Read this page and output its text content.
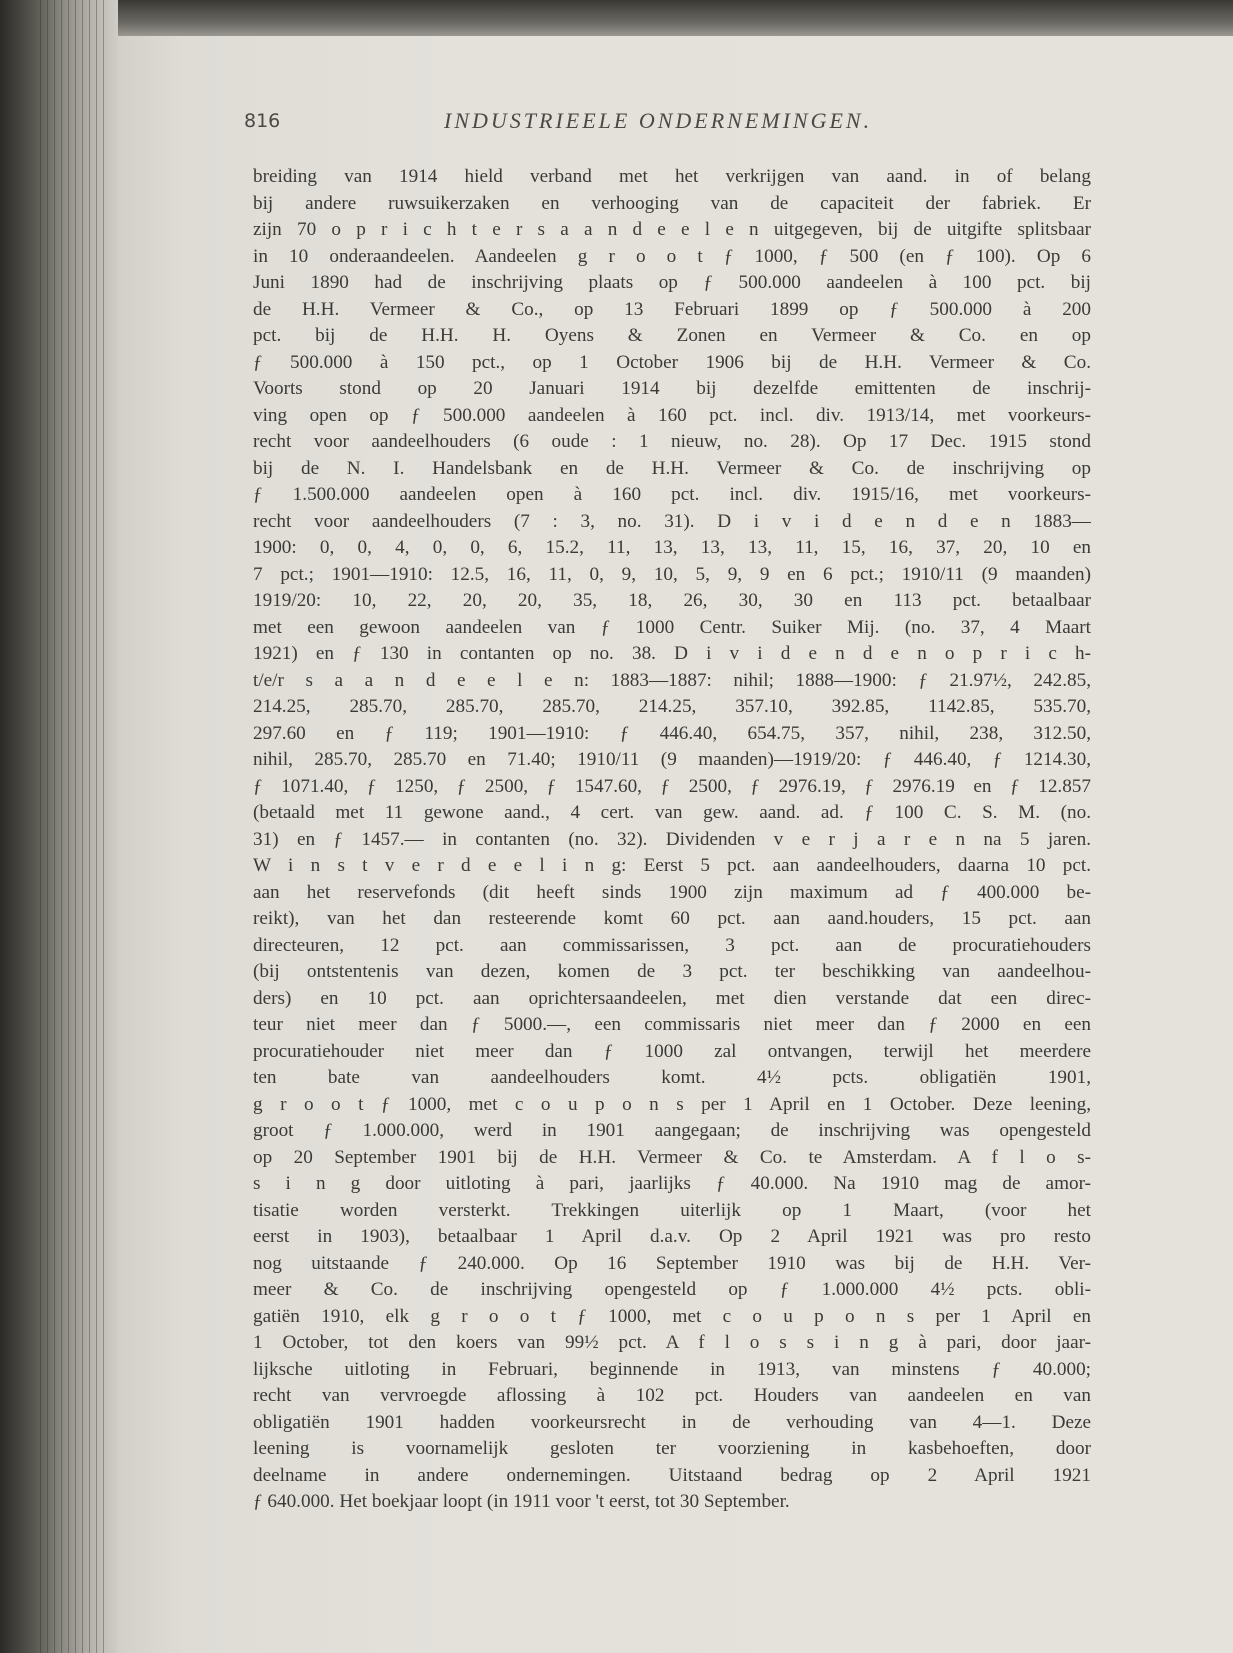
816	INDUSTRIEELE ONDERNEMINGEN.
breiding van 1914 hield verband met het verkrijgen van aand. in of belang
bij andere ruwsuikerzaken en verhooging van de capaciteit der fabriek. Er
zijn 70 o p r i c h t e r s a a n d e e l e n uitgegeven, bij de uitgifte splitsbaar
in 10 onderaandeelen. Aandeelen g r o o t ƒ 1000, ƒ 500 (en ƒ 100). Op 6
Juni 1890 had de inschrijving plaats op ƒ 500.000 aandeelen à 100 pct. bij
de H.H. Vermeer & Co., op 13 Februari 1899 op ƒ 500.000 à 200
pct. bij de H.H. H. Oyens & Zonen en Vermeer & Co. en op
ƒ 500.000 à 150 pct., op 1 October 1906 bij de H.H. Vermeer & Co.
Voorts stond op 20 Januari 1914 bij dezelfde emittenten de inschrij-
ving open op ƒ 500.000 aandeelen à 160 pct. incl. div. 1913/14, met voorkeurs-
recht voor aandeelhouders (6 oude : 1 nieuw, no. 28). Op 17 Dec. 1915 stond
bij de N. I. Handelsbank en de H.H. Vermeer & Co. de inschrijving op
ƒ 1.500.000 aandeelen open à 160 pct. incl. div. 1915/16, met voorkeurs-
recht voor aandeelhouders (7 : 3, no. 31). D i v i d e n d e n 1883—
1900: 0, 0, 4, 0, 0, 6, 15.2, 11, 13, 13, 13, 11, 15, 16, 37, 20, 10 en
7 pct.; 1901—1910: 12.5, 16, 11, 0, 9, 10, 5, 9, 9 en 6 pct.; 1910/11 (9 maanden)
1919/20: 10, 22, 20, 20, 35, 18, 26, 30, 30 en 113 pct. betaalbaar
met een gewoon aandeelen van ƒ 1000 Centr. Suiker Mij. (no. 37, 4 Maart
1921) en ƒ 130 in contanten op no. 38. D i v i d e n d e n o p r i c h-
t/e/r s a a n d e e l e n: 1883—1887: nihil; 1888—1900: ƒ 21.97½, 242.85,
214.25, 285.70, 285.70, 285.70, 214.25, 357.10, 392.85, 1142.85, 535.70,
297.60 en ƒ 119; 1901—1910: ƒ 446.40, 654.75, 357, nihil, 238, 312.50,
nihil, 285.70, 285.70 en 71.40; 1910/11 (9 maanden)—1919/20: ƒ 446.40, ƒ 1214.30,
ƒ 1071.40, ƒ 1250, ƒ 2500, ƒ 1547.60, ƒ 2500, ƒ 2976.19, ƒ 2976.19 en ƒ 12.857
(betaald met 11 gewone aand., 4 cert. van gew. aand. ad. ƒ 100 C. S. M. (no.
31) en ƒ 1457.— in contanten (no. 32). Dividenden v e r j a r e n na 5 jaren.
W i n s t v e r d e e l i n g: Eerst 5 pct. aan aandeelhouders, daarna 10 pct.
aan het reservefonds (dit heeft sinds 1900 zijn maximum ad ƒ 400.000 be-
reikt), van het dan resteerende komt 60 pct. aan aand.houders, 15 pct. aan
directeuren, 12 pct. aan commissarissen, 3 pct. aan de procuratiehouders
(bij ontstentenis van dezen, komen de 3 pct. ter beschikking van aandeelhou-
ders) en 10 pct. aan oprichtersaandeelen, met dien verstande dat een direc-
teur niet meer dan ƒ 5000.—, een commissaris niet meer dan ƒ 2000 en een
procuratiehouder niet meer dan ƒ 1000 zal ontvangen, terwijl het meerdere
ten bate van aandeelhouders komt. 4½ pcts. obligatiën 1901,
g r o o t ƒ 1000, met c o u p o n s per 1 April en 1 October. Deze leening,
groot ƒ 1.000.000, werd in 1901 aangegaan; de inschrijving was opengesteld
op 20 September 1901 bij de H.H. Vermeer & Co. te Amsterdam. A f l o s-
s i n g door uitloting à pari, jaarlijks ƒ 40.000. Na 1910 mag de amor-
tisatie worden versterkt. Trekkingen uiterlijk op 1 Maart, (voor het
eerst in 1903), betaalbaar 1 April d.a.v. Op 2 April 1921 was pro resto
nog uitstaande ƒ 240.000. Op 16 September 1910 was bij de H.H. Ver-
meer & Co. de inschrijving opengesteld op ƒ 1.000.000 4½ pcts. obli-
gatiën 1910, elk g r o o t ƒ 1000, met c o u p o n s per 1 April en
1 October, tot den koers van 99½ pct. A f l o s s i n g à pari, door jaar-
lijksche uitloting in Februari, beginnende in 1913, van minstens ƒ 40.000;
recht van vervroegde aflossing à 102 pct. Houders van aandeelen en van
obligatiën 1901 hadden voorkeursrecht in de verhouding van 4—1. Deze
leening is voornamelijk gesloten ter voorziening in kasbehoeften, door
deelname in andere ondernemingen. Uitstaand bedrag op 2 April 1921
ƒ 640.000. Het boekjaar loopt (in 1911 voor 't eerst, tot 30 September.
